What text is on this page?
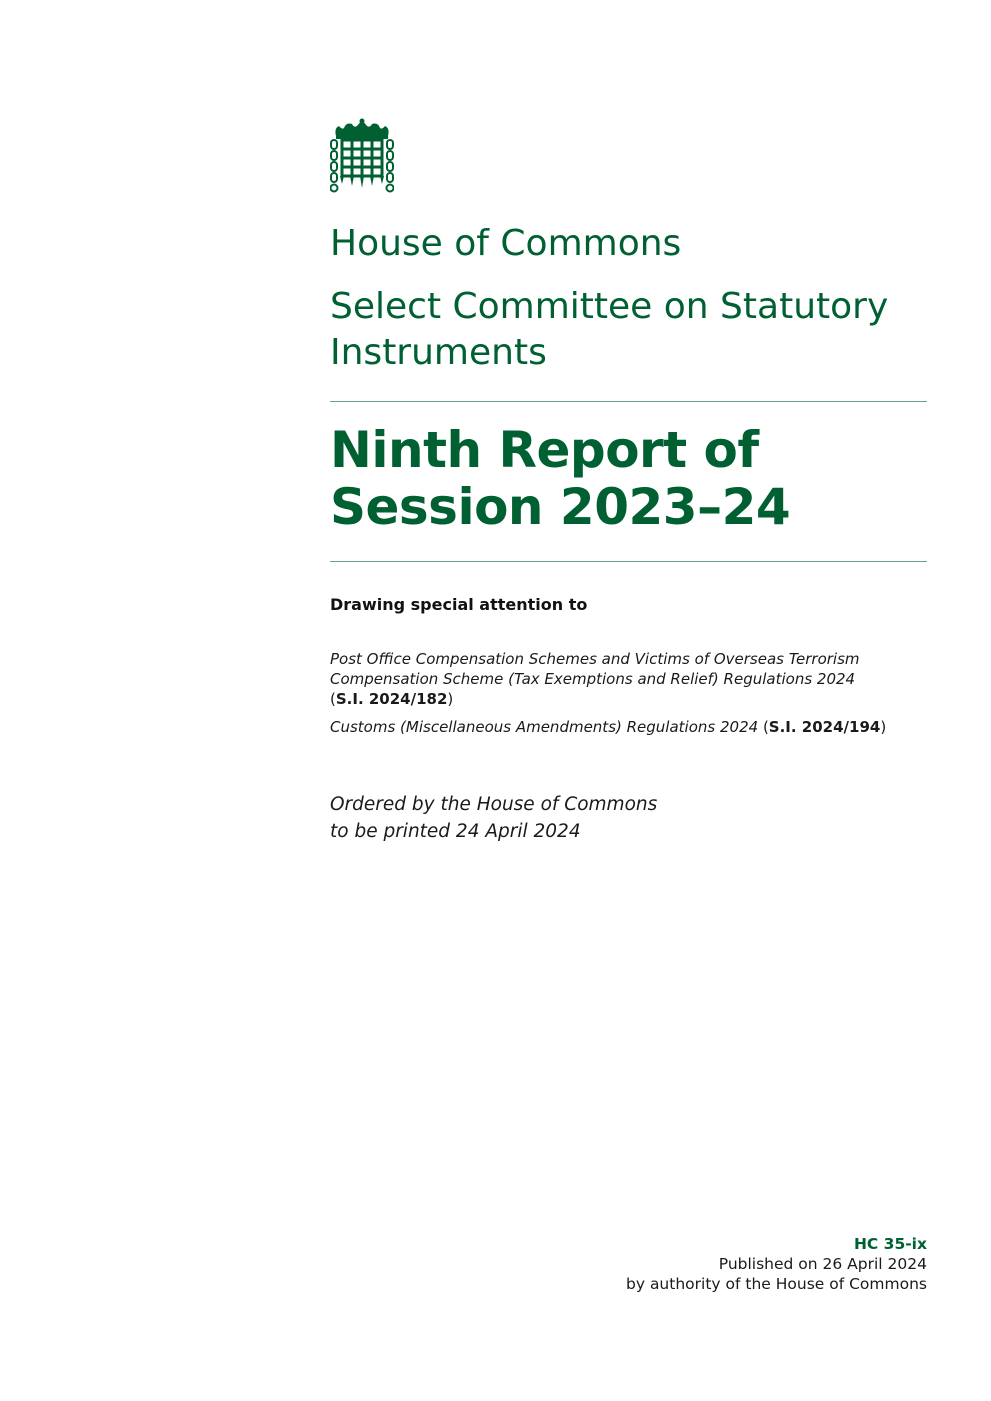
House of Commons
Select Committee on Statutory Instruments
Ninth Report of Session 2023–24
Drawing special attention to

Post Office Compensation Schemes and Victims of Overseas Terrorism Compensation Scheme (Tax Exemptions and Relief) Regulations 2024
(S.I. 2024/182)

Customs (Miscellaneous Amendments) Regulations 2024 (S.I. 2024/194)

Ordered by the House of Commons
to be printed 24 April 2024
HC 35-ix
Published on 26 April 2024
by authority of the House of Commons
